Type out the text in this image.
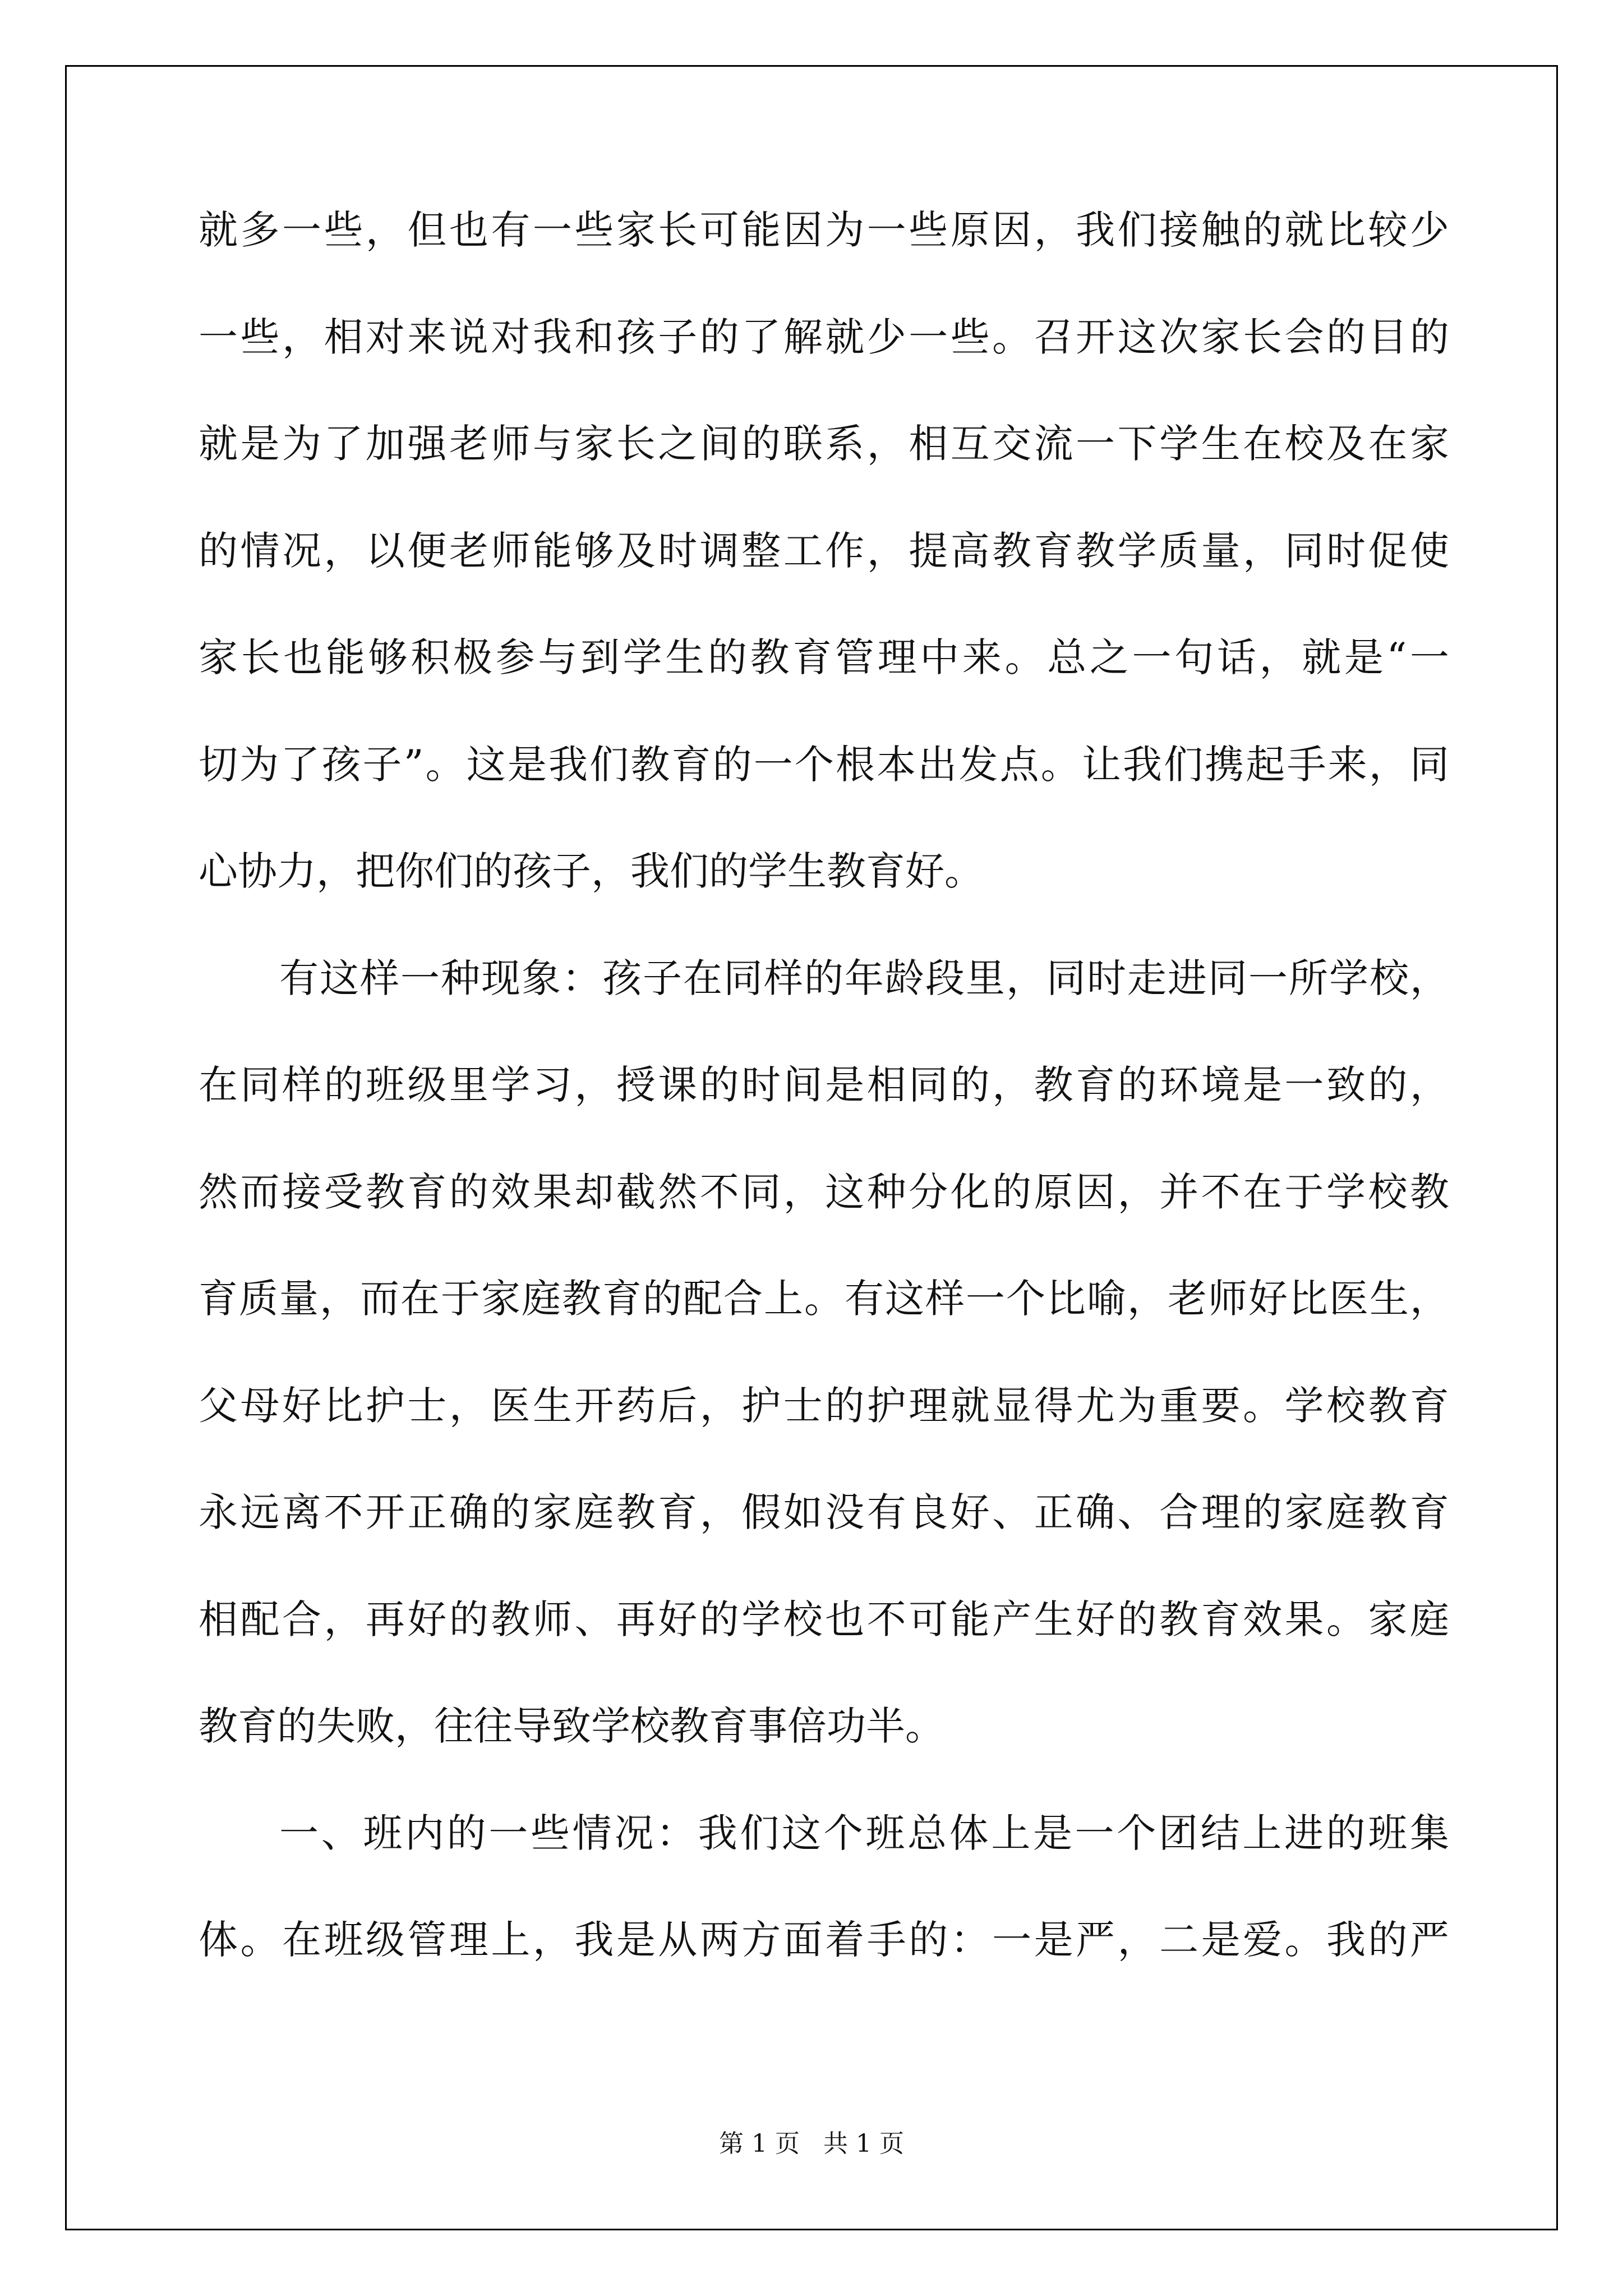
就多一些，但也有一些家长可能因为一些原因，我们接触的就比较少
一些，相对来说对我和孩子的了解就少一些。召开这次家长会的目的
就是为了加强老师与家长之间的联系，相互交流一下学生在校及在家
的情况，以便老师能够及时调整工作，提高教育教学质量，同时促使
家长也能够积极参与到学生的教育管理中来。总之一句话，就是“一
切为了孩子”。这是我们教育的一个根本出发点。让我们携起手来，同
心协力，把你们的孩子，我们的学生教育好。
有这样一种现象：孩子在同样的年龄段里，同时走进同一所学校，
在同样的班级里学习，授课的时间是相同的，教育的环境是一致的，
然而接受教育的效果却截然不同，这种分化的原因，并不在于学校教
育质量，而在于家庭教育的配合上。有这样一个比喻，老师好比医生，
父母好比护士，医生开药后，护士的护理就显得尤为重要。学校教育
永远离不开正确的家庭教育，假如没有良好、正确、合理的家庭教育
相配合，再好的教师、再好的学校也不可能产生好的教育效果。家庭
教育的失败，往往导致学校教育事倍功半。
一、班内的一些情况：我们这个班总体上是一个团结上进的班集
体。在班级管理上，我是从两方面着手的：一是严，二是爱。我的严
第 1 页 共 1 页
